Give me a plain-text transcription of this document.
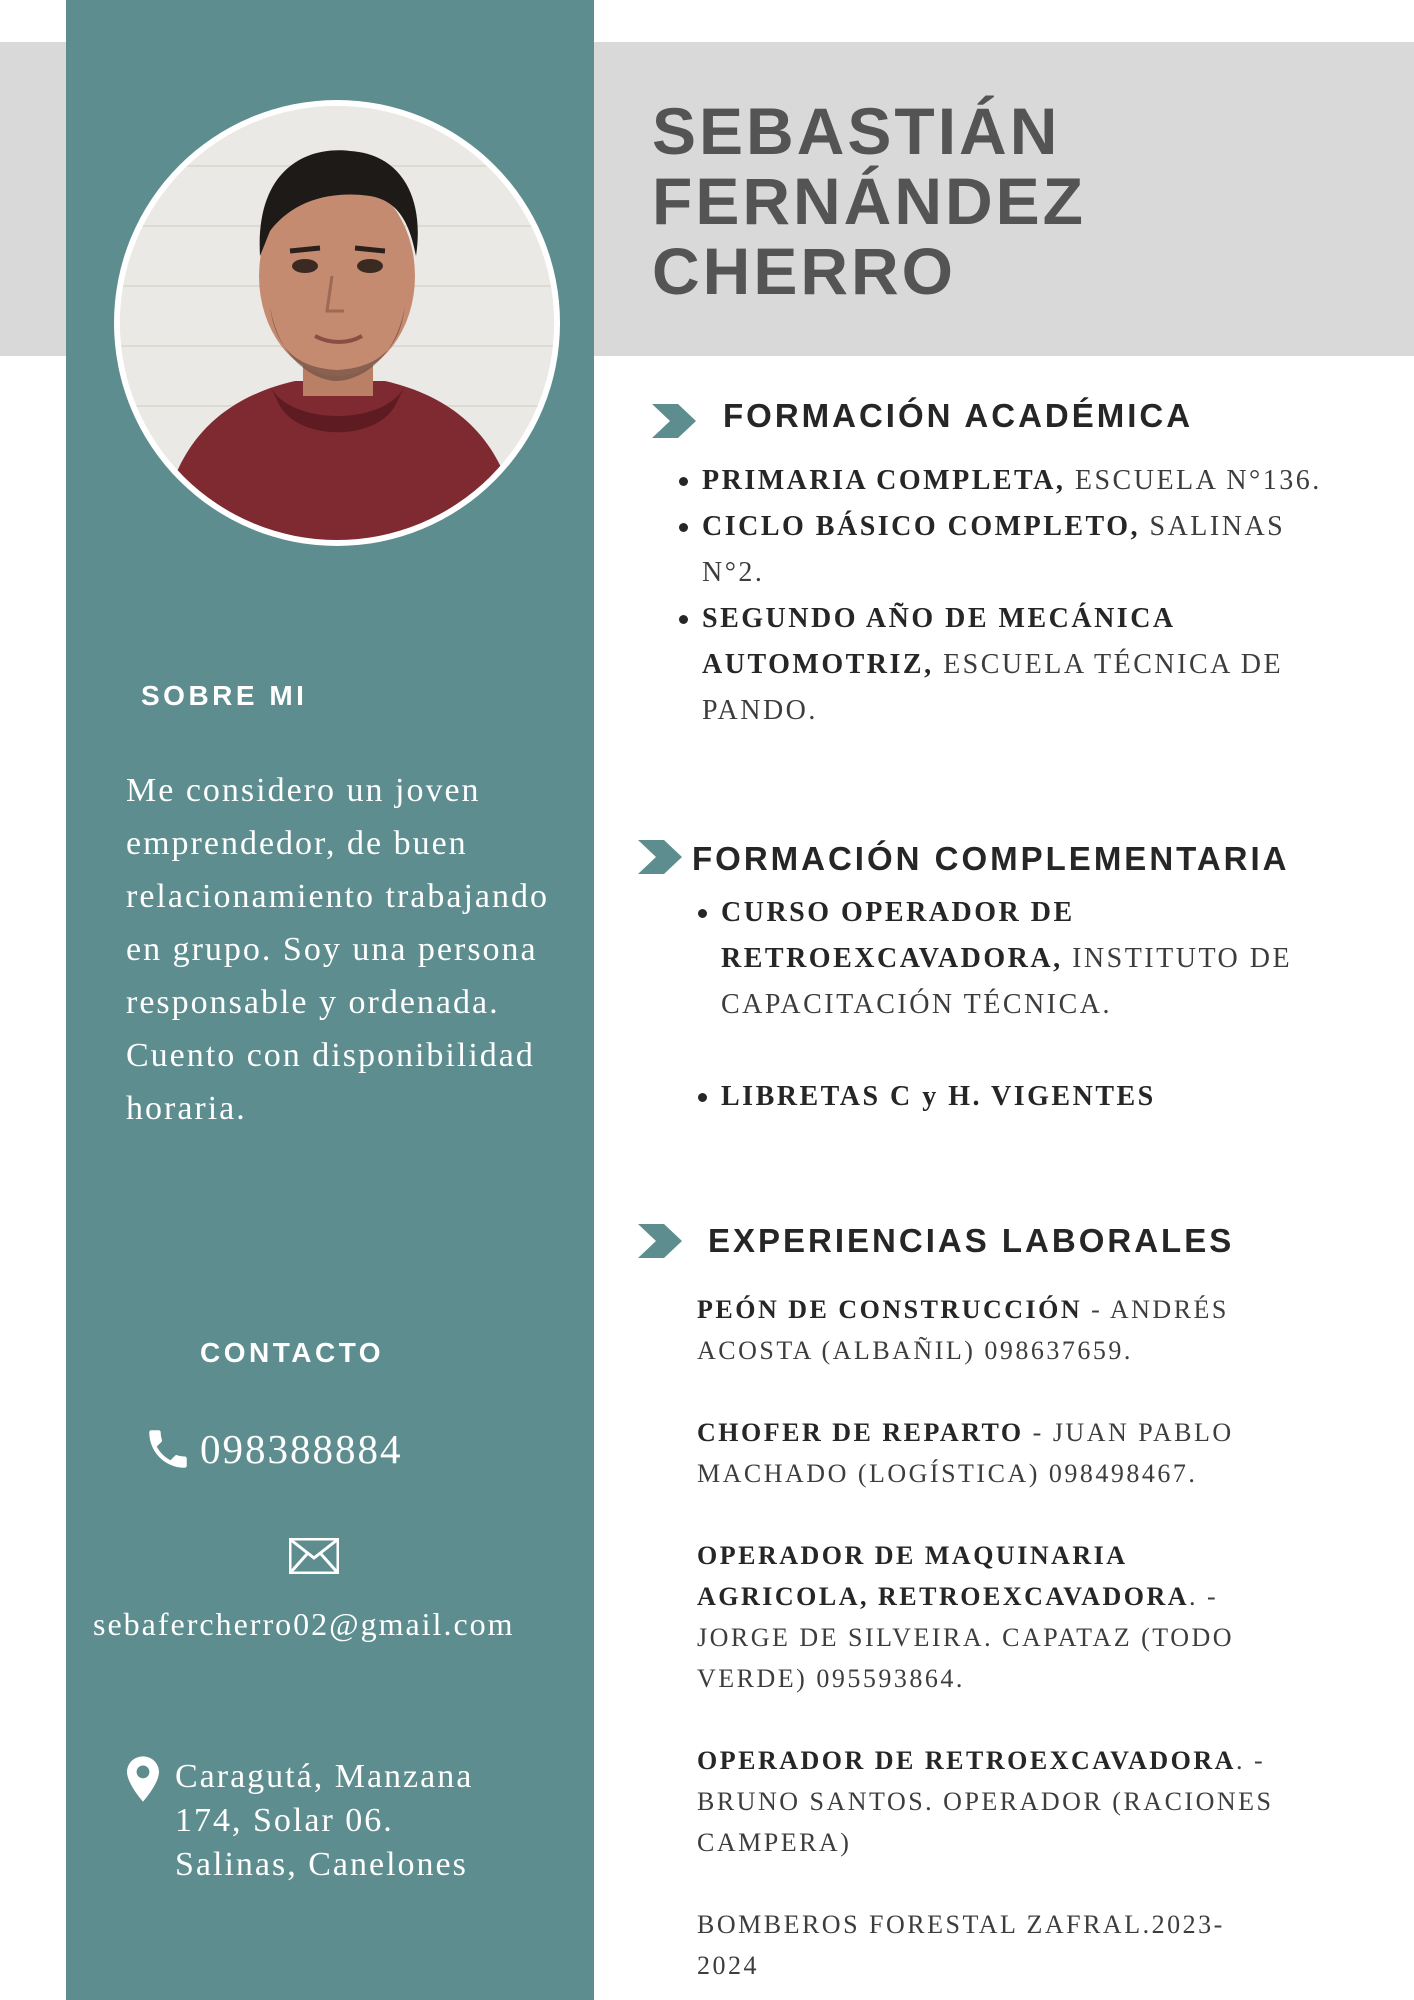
SEBASTIÁN
FERNÁNDEZ
CHERRO
SOBRE MI

Me considero un joven emprendedor, de buen relacionamiento trabajando en grupo. Soy una persona responsable y ordenada. Cuento con disponibilidad horaria.

CONTACTO

098388884

sebafercherro02@gmail.com

Caragutá, Manzana
174, Solar 06.
Salinas, Canelones
FORMACIÓN ACADÉMICA
PRIMARIA COMPLETA, ESCUELA N°136.
CICLO BÁSICO COMPLETO, SALINAS N°2.
SEGUNDO AÑO DE MECÁNICA AUTOMOTRIZ, ESCUELA TÉCNICA DE PANDO.
FORMACIÓN COMPLEMENTARIA
CURSO OPERADOR DE RETROEXCAVADORA, INSTITUTO DE CAPACITACIÓN TÉCNICA.
LIBRETAS C y H. VIGENTES
EXPERIENCIAS LABORALES

PEÓN DE CONSTRUCCIÓN - ANDRÉS ACOSTA (ALBAÑIL) 098637659.

CHOFER DE REPARTO - JUAN PABLO MACHADO (LOGÍSTICA) 098498467.

OPERADOR DE MAQUINARIA AGRICOLA, RETROEXCAVADORA. - JORGE DE SILVEIRA. CAPATAZ (TODO VERDE) 095593864.

OPERADOR DE RETROEXCAVADORA. - BRUNO SANTOS. OPERADOR (RACIONES CAMPERA)

BOMBEROS FORESTAL ZAFRAL.2023-2024
